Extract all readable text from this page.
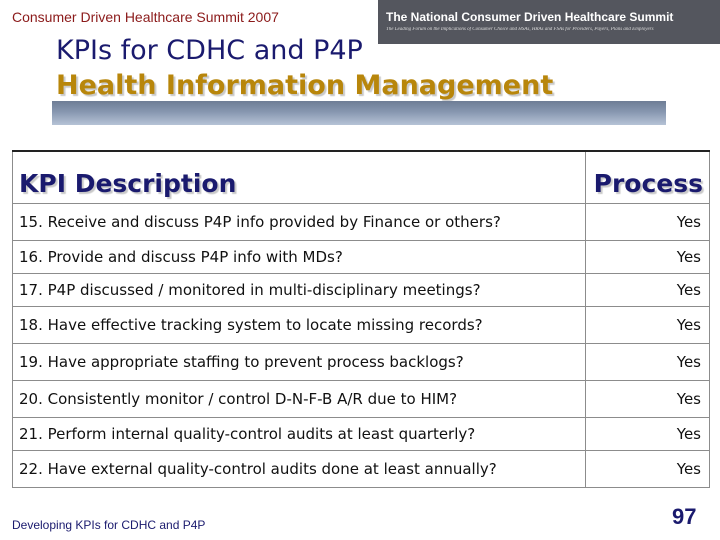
Consumer Driven Healthcare Summit 2007	The National Consumer Driven Healthcare Summit
The Leading Forum on the Implications of Consumer Choice and HSAs, HRAs and FSAs for Providers, Payers, Plans and Employers
KPIs for CDHC and P4P
Health Information Management
KPI Description	Process
15. Receive and discuss P4P info provided by Finance or others?	Yes
16. Provide and discuss P4P info with MDs?	Yes
17. P4P discussed / monitored in multi-disciplinary meetings?	Yes
18. Have effective tracking system to locate missing records?	Yes
19. Have appropriate staffing to prevent process backlogs?	Yes
20. Consistently monitor / control D-N-F-B A/R due to HIM?	Yes
21. Perform internal quality-control audits at least quarterly?	Yes
22. Have external quality-control audits done at least annually?	Yes
Developing KPIs for CDHC and P4P	97
